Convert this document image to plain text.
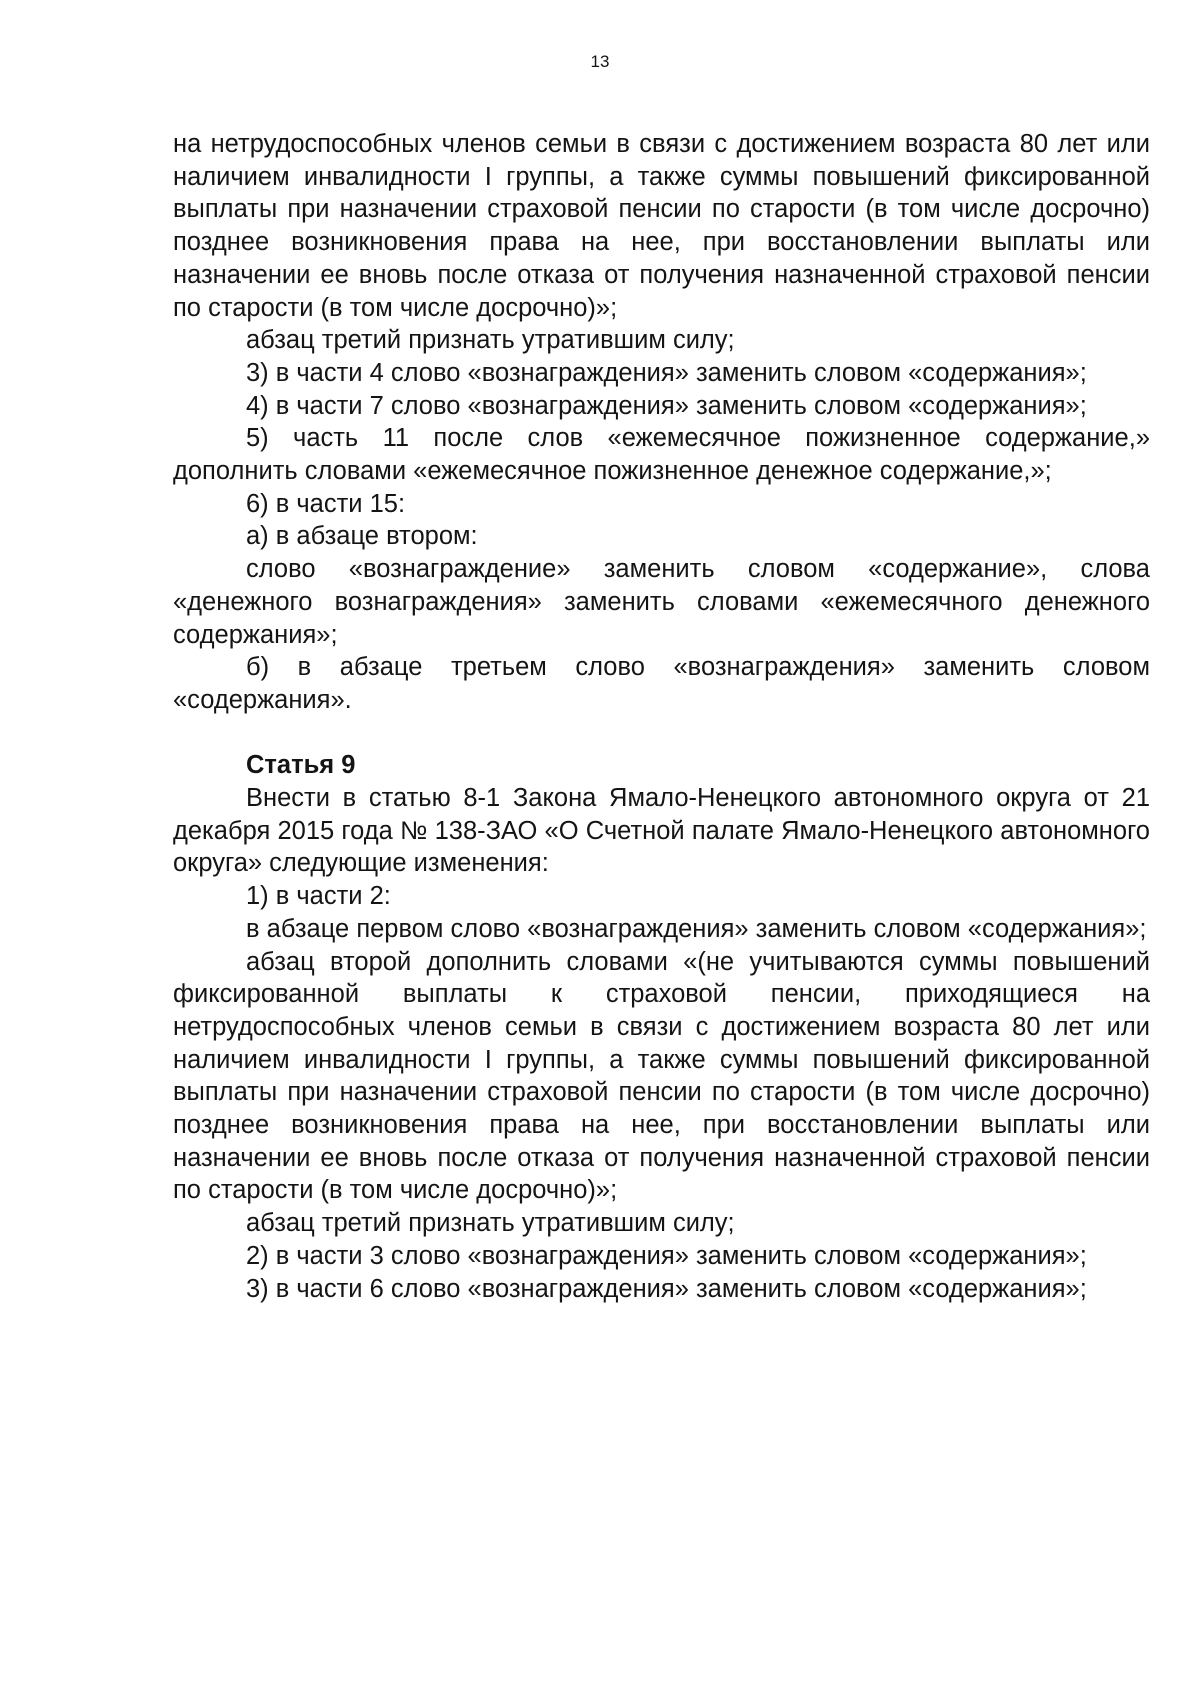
13

на нетрудоспособных членов семьи в связи с достижением возраста 80 лет или наличием инвалидности I группы, а также суммы повышений фиксированной выплаты при назначении страховой пенсии по старости (в том числе досрочно) позднее возникновения права на нее, при восстановлении выплаты или назначении ее вновь после отказа от получения назначенной страховой пенсии по старости (в том числе досрочно)»;

абзац третий признать утратившим силу;

3) в части 4 слово «вознаграждения» заменить словом «содержания»;

4) в части 7 слово «вознаграждения» заменить словом «содержания»;

5) часть 11 после слов «ежемесячное пожизненное содержание,» дополнить словами «ежемесячное пожизненное денежное содержание,»;

6) в части 15:

а) в абзаце втором:

слово «вознаграждение» заменить словом «содержание», слова «денежного вознаграждения» заменить словами «ежемесячного денежного содержания»;

б) в абзаце третьем слово «вознаграждения» заменить словом «содержания».

Статья 9

Внести в статью 8-1 Закона Ямало-Ненецкого автономного округа от 21 декабря 2015 года № 138-ЗАО «О Счетной палате Ямало-Ненецкого автономного округа» следующие изменения:

1) в части 2:

в абзаце первом слово «вознаграждения» заменить словом «содержания»;

абзац второй дополнить словами «(не учитываются суммы повышений фиксированной выплаты к страховой пенсии, приходящиеся на нетрудоспособных членов семьи в связи с достижением возраста 80 лет или наличием инвалидности I группы, а также суммы повышений фиксированной выплаты при назначении страховой пенсии по старости (в том числе досрочно) позднее возникновения права на нее, при восстановлении выплаты или назначении ее вновь после отказа от получения назначенной страховой пенсии по старости (в том числе досрочно)»;

абзац третий признать утратившим силу;

2) в части 3 слово «вознаграждения» заменить словом «содержания»;

3) в части 6 слово «вознаграждения» заменить словом «содержания»;
